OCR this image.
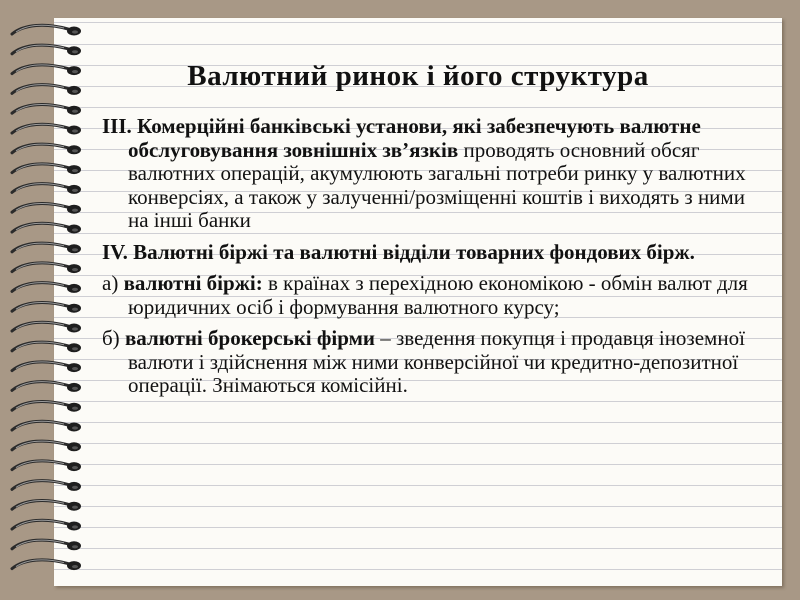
Валютний ринок і його структура

III. Комерційні банківські установи, які забезпечують валютне обслуговування зовнішніх зв’язків проводять основний обсяг валютних операцій, акумулюють загальні потреби ринку у валютних конверсіях, а також у залученні/розміщенні коштів і виходять з ними на інші банки

IV. Валютні біржі та валютні відділи товарних фондових бірж.

а) валютні біржі: в країнах з перехідною економікою - обмін валют для юридичних осіб і формування валютного курсу;

б) валютні брокерські фірми – зведення покупця і продавця іноземної валюти і здійснення між ними конверсійної чи кредитно-депозитної операції. Знімаються комісійні.
